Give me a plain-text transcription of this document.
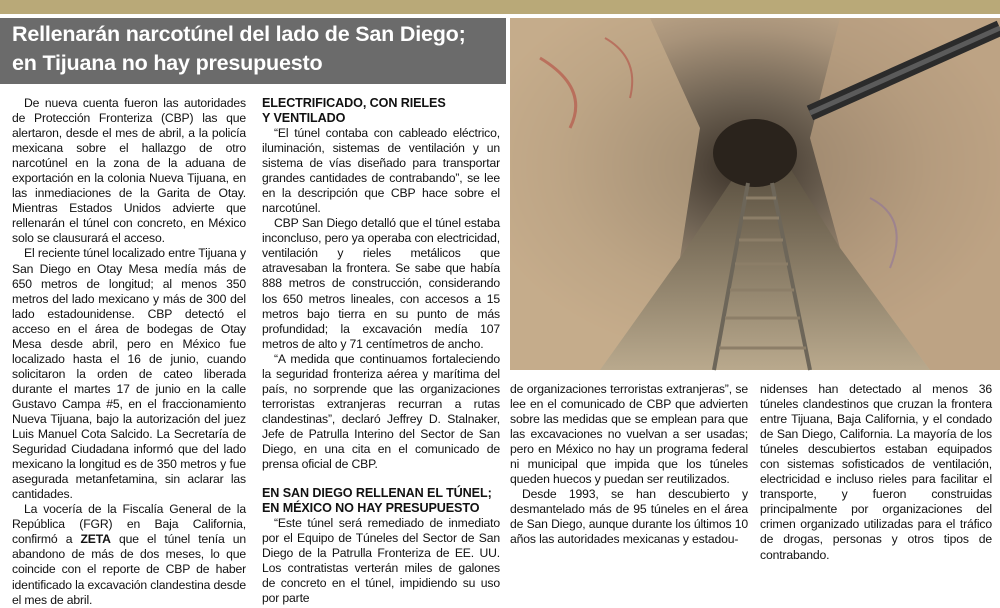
Rellenarán narcotúnel del lado de San Diego;
en Tijuana no hay presupuesto

De nueva cuenta fueron las autoridades de Protección Fronteriza (CBP) las que alertaron, desde el mes de abril, a la policía mexicana sobre el hallazgo de otro narcotúnel en la zona de la aduana de exportación en la colonia Nueva Tijuana, en las inmediaciones de la Garita de Otay. Mientras Estados Unidos advierte que rellenarán el túnel con concreto, en México solo se clausurará el acceso.

El reciente túnel localizado entre Tijuana y San Diego en Otay Mesa medía más de 650 metros de longitud; al menos 350 metros del lado mexicano y más de 300 del lado estadounidense. CBP detectó el acceso en el área de bodegas de Otay Mesa desde abril, pero en México fue localizado hasta el 16 de junio, cuando solicitaron la orden de cateo liberada durante el martes 17 de junio en la calle Gustavo Campa #5, en el fraccionamiento Nueva Tijuana, bajo la autorización del juez Luis Manuel Cota Salcido. La Secretaría de Seguridad Ciudadana informó que del lado mexicano la longitud es de 350 metros y fue asegurada metanfetamina, sin aclarar las cantidades.

La vocería de la Fiscalía General de la República (FGR) en Baja California, confirmó a ZETA que el túnel tenía un abandono de más de dos meses, lo que coincide con el reporte de CBP de haber identificado la excavación clandestina desde el mes de abril.

ELECTRIFICADO, CON RIELES
Y VENTILADO

“El túnel contaba con cableado eléctrico, iluminación, sistemas de ventilación y un sistema de vías diseñado para transportar grandes cantidades de contrabando”, se lee en la descripción que CBP hace sobre el narcotúnel.

CBP San Diego detalló que el túnel estaba inconcluso, pero ya operaba con electricidad, ventilación y rieles metálicos que atravesaban la frontera. Se sabe que había 888 metros de construcción, considerando los 650 metros lineales, con accesos a 15 metros bajo tierra en su punto de más profundidad; la excavación medía 107 metros de alto y 71 centímetros de ancho.

“A medida que continuamos fortaleciendo la seguridad fronteriza aérea y marítima del país, no sorprende que las organizaciones terroristas extranjeras recurran a rutas clandestinas”, declaró Jeffrey D. Stalnaker, Jefe de Patrulla Interino del Sector de San Diego, en una cita en el comunicado de prensa oficial de CBP.

EN SAN DIEGO RELLENAN EL TÚNEL;
EN MÉXICO NO HAY PRESUPUESTO

“Este túnel será remediado de inmediato por el Equipo de Túneles del Sector de San Diego de la Patrulla Fronteriza de EE. UU. Los contratistas verterán miles de galones de concreto en el túnel, impidiendo su uso por parte

de organizaciones terroristas extranjeras”, se lee en el comunicado de CBP que advierten sobre las medidas que se emplean para que las excavaciones no vuelvan a ser usadas; pero en México no hay un programa federal ni municipal que impida que los túneles queden huecos y puedan ser reutilizados.

Desde 1993, se han descubierto y desmantelado más de 95 túneles en el área de San Diego, aunque durante los últimos 10 años las autoridades mexicanas y estadou-

nidenses han detectado al menos 36 túneles clandestinos que cruzan la frontera entre Tijuana, Baja California, y el condado de San Diego, California. La mayoría de los túneles descubiertos estaban equipados con sistemas sofisticados de ventilación, electricidad e incluso rieles para facilitar el transporte, y fueron construidas principalmente por organizaciones del crimen organizado utilizadas para el tráfico de drogas, personas y otros tipos de contrabando.
